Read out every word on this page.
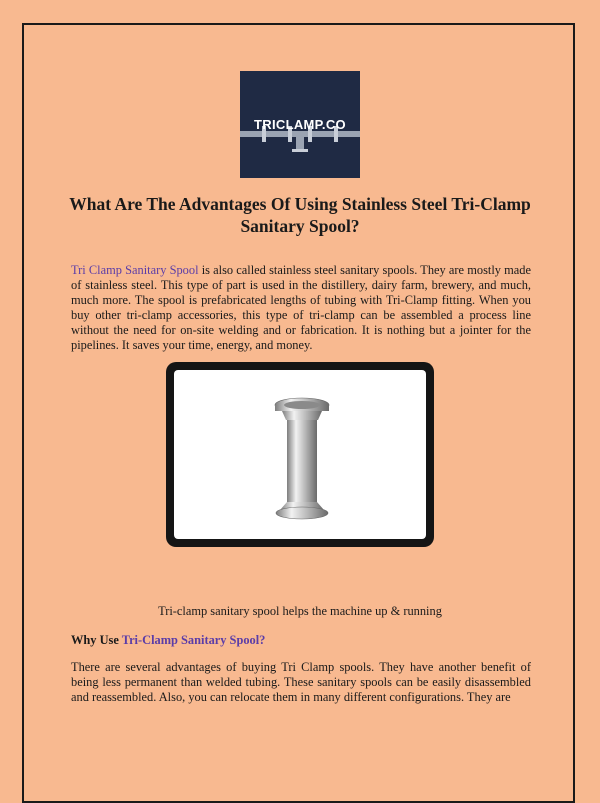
TRICLAMP.CO
What Are The Advantages Of Using Stainless Steel Tri-Clamp Sanitary Spool?

Tri Clamp Sanitary Spool is also called stainless steel sanitary spools. They are mostly made of stainless steel. This type of part is used in the distillery, dairy farm, brewery, and much, much more. The spool is prefabricated lengths of tubing with Tri-Clamp fitting. When you buy other tri-clamp accessories, this type of tri-clamp can be assembled a process line without the need for on-site welding and or fabrication. It is nothing but a jointer for the pipelines. It saves your time, energy, and money.

Tri-clamp sanitary spool helps the machine up & running

Why Use Tri-Clamp Sanitary Spool?

There are several advantages of buying Tri Clamp spools. They have another benefit of being less permanent than welded tubing. These sanitary spools can be easily disassembled and reassembled. Also, you can relocate them in many different configurations. They are
